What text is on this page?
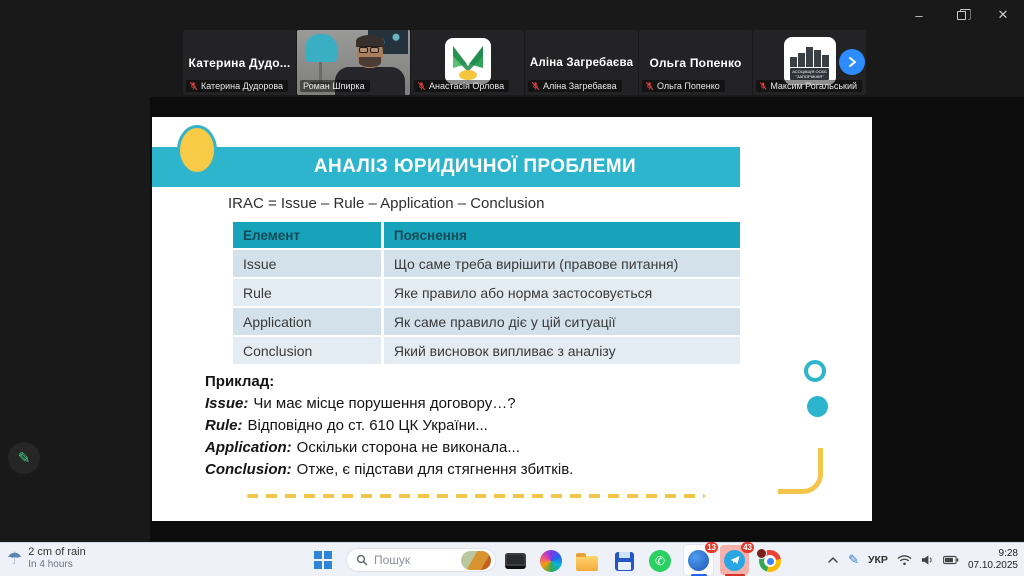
–	✕
Катерина Дудо...
Катерина Дудорова Роман Шпирка	Анастасія Орлова
Аліна Загребаєва
Аліна Загребаєва
Ольга Попенко
Ольга Попенко
АСОЦІАЦІЯ ОСББ
"ЗАПОРІЖЖЯ"
Максим Рогальський
АНАЛІЗ ЮРИДИЧНОЇ ПРОБЛЕМИ
IRAC = Issue – Rule – Application – Conclusion
Елемент	Пояснення
Issue	Що саме треба вирішити (правове питання)
Rule	Яке правило або норма застосовується
Application	Як саме правило діє у цій ситуації
Conclusion	Який висновок випливає з аналізу
Приклад:
Issue: Чи має місце порушення договору…?
Rule: Відповідно до ст. 610 ЦК України...
Application: Оскільки сторона не виконала...
Conclusion: Отже, є підстави для стягнення збитків.
✎
☂ 2 cm of rain
In 4 hours	Пошук	✆
13	43
✎ УКР
9:28
07.10.2025
